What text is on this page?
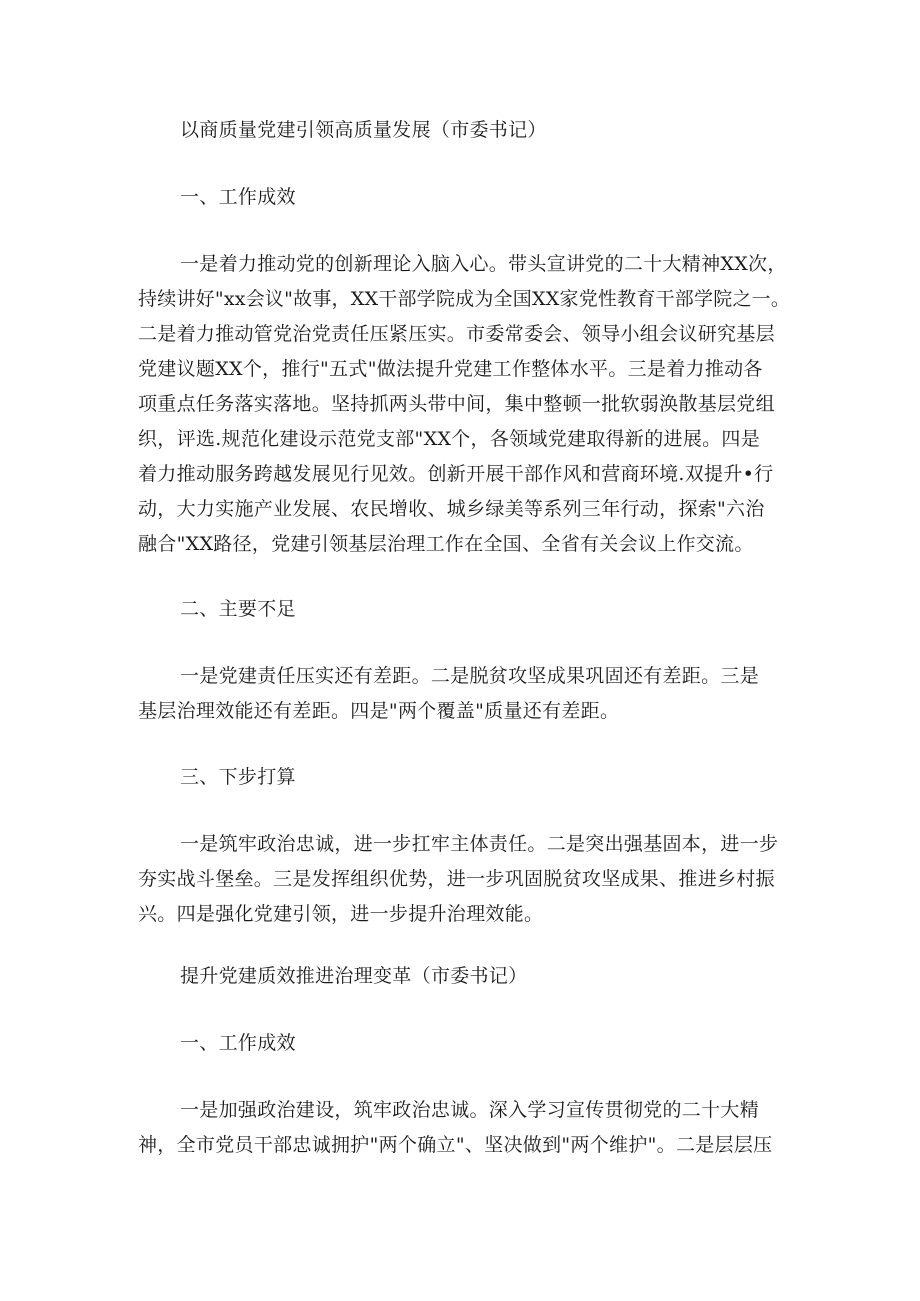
以商质量党建引领高质量发展（市委书记）
一、工作成效
一是着力推动党的创新理论入脑入心。带头宣讲党的二十大精神XX次，
持续讲好"xx会议"故事，XX干部学院成为全国XX家党性教育干部学院之一。
二是着力推动管党治党责任压紧压实。市委常委会、领导小组会议研究基层
党建议题XX个，推行"五式"做法提升党建工作整体水平。三是着力推动各
项重点任务落实落地。坚持抓两头带中间，集中整顿一批软弱涣散基层党组
织，评选.规范化建设示范党支部"XX个，各领域党建取得新的进展。四是
着力推动服务跨越发展见行见效。创新开展干部作风和营商环境.双提升•行
动，大力实施产业发展、农民增收、城乡绿美等系列三年行动，探索"六治
融合"XX路径，党建引领基层治理工作在全国、全省有关会议上作交流。
二、主要不足
一是党建责任压实还有差距。二是脱贫攻坚成果巩固还有差距。三是
基层治理效能还有差距。四是"两个覆盖"质量还有差距。
三、下步打算
一是筑牢政治忠诚，进一步扛牢主体责任。二是突出强基固本，进一步
夯实战斗堡垒。三是发挥组织优势，进一步巩固脱贫攻坚成果、推进乡村振
兴。四是强化党建引领，进一步提升治理效能。
提升党建质效推进治理变革（市委书记）
一、工作成效
一是加强政治建设，筑牢政治忠诚。深入学习宣传贯彻党的二十大精
神，全市党员干部忠诚拥护"两个确立"、坚决做到"两个维护"。二是层层压
